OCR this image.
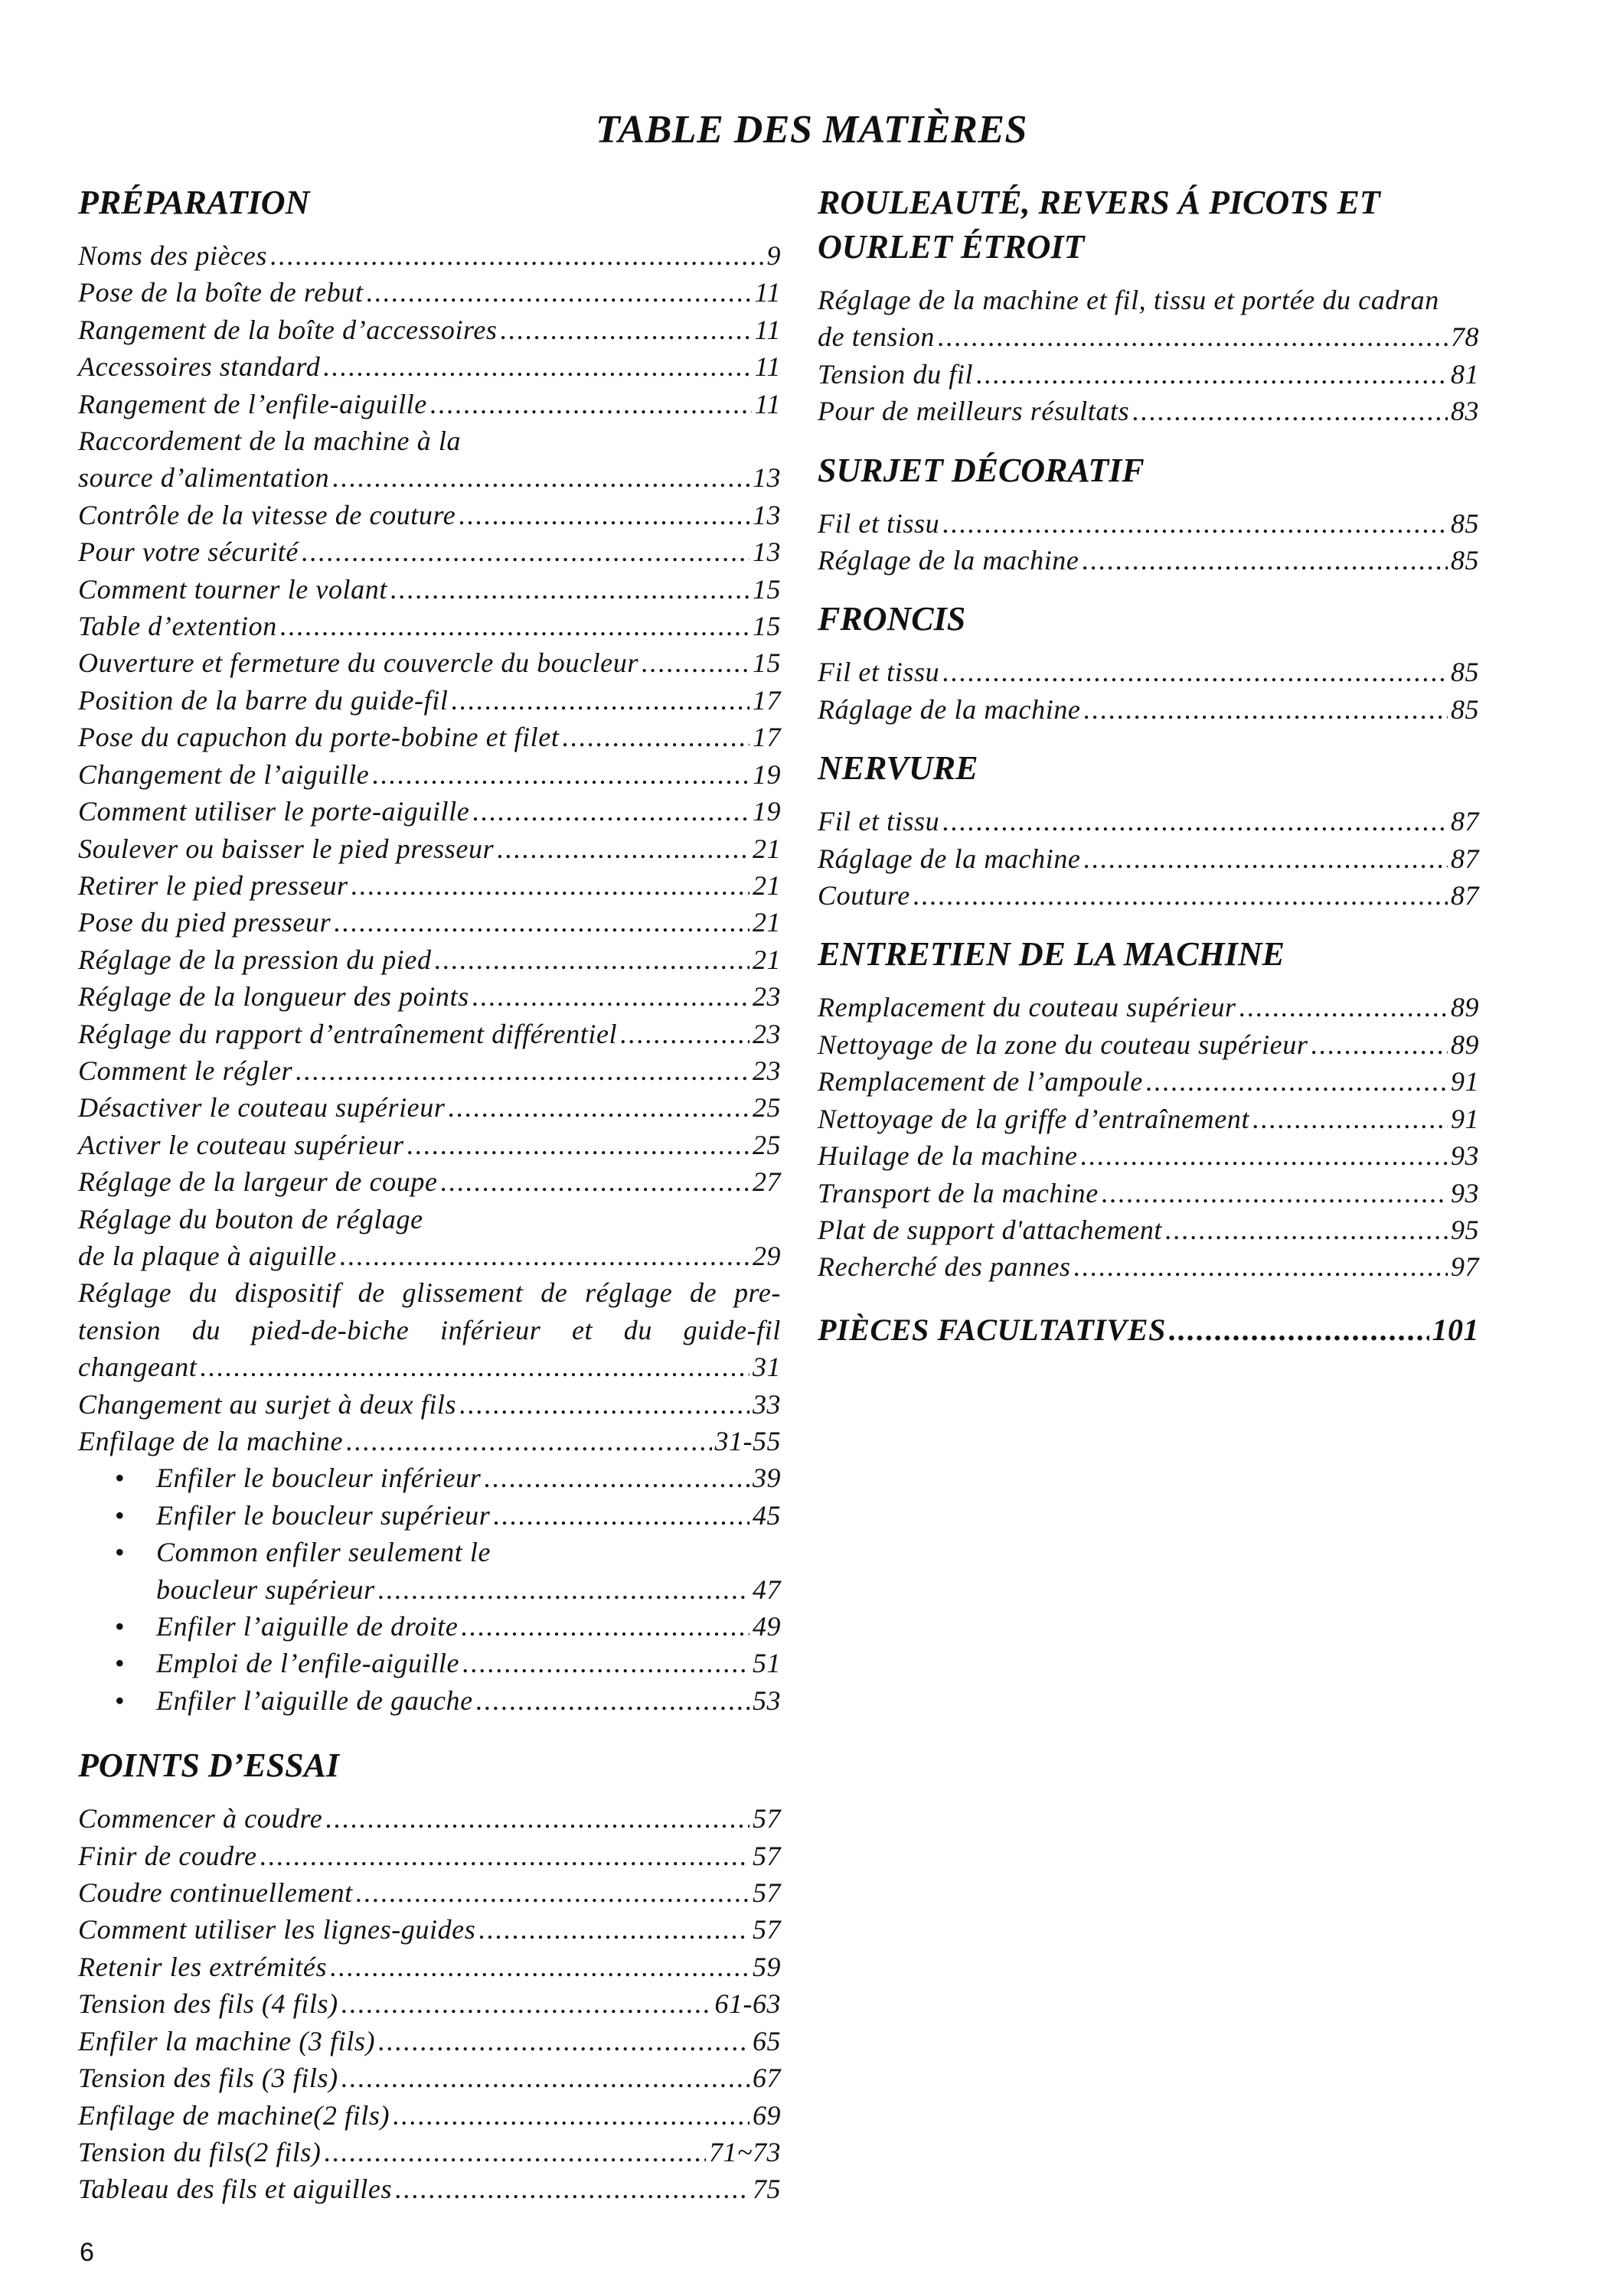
TABLE DES MATIÈRES
PRÉPARATION
Noms des pièces .....	9
Pose de la boîte de rebut .....	11
Rangement de la boîte d’accessoires .....	11
Accessoires standard .....	11
Rangement de l’enfile-aiguille .....	11
Raccordement de la machine à la
source d’alimentation .....	13
Contrôle de la vitesse de couture .....	13
Pour votre sécurité .....	13
Comment tourner le volant .....	15
Table d’extention .....	15
Ouverture et fermeture du couvercle du boucleur .....	15
Position de la barre du guide-fil .....	17
Pose du capuchon du porte-bobine et filet .....	17
Changement de l’aiguille .....	19
Comment utiliser le porte-aiguille .....	19
Soulever ou baisser le pied presseur .....	21
Retirer le pied presseur .....	21
Pose du pied presseur .....	21
Réglage de la pression du pied .....	21
Réglage de la longueur des points .....	23
Réglage du rapport d’entraînement différentiel .....	23
Comment le régler .....	23
Désactiver le couteau supérieur .....	25
Activer le couteau supérieur .....	25
Réglage de la largeur de coupe .....	27
Réglage du bouton de réglage
de la plaque à aiguille .....	29
Réglage du dispositif de glissement de réglage de pre-
tension du pied-de-biche inférieur et du guide-fil
changeant .....	31
Changement au surjet à deux fils .....	33
Enfilage de la machine .....	31-55
•	Enfiler le boucleur inférieur .....	39
•	Enfiler le boucleur supérieur .....	45
•	Common enfiler seulement le
boucleur supérieur .....	47
•	Enfiler l’aiguille de droite .....	49
•	Emploi de l’enfile-aiguille .....	51
•	Enfiler l’aiguille de gauche .....	53
POINTS D’ESSAI
Commencer à coudre .....	57
Finir de coudre .....	57
Coudre continuellement .....	57
Comment utiliser les lignes-guides .....	57
Retenir les extrémités .....	59
Tension des fils (4 fils) .....	61-63
Enfiler la machine (3 fils) .....	65
Tension des fils (3 fils) .....	67
Enfilage de machine(2 fils) .....	69
Tension du fils(2 fils) .....	71~73
Tableau des fils et aiguilles .....	75
ROULEAUTÉ, REVERS Á PICOTS ET
OURLET ÉTROIT
Réglage de la machine et fil, tissu et portée du cadran
de tension .....	78
Tension du fil .....	81
Pour de meilleurs résultats .....	83
SURJET DÉCORATIF
Fil et tissu .....	85
Réglage de la machine .....	85
FRONCIS
Fil et tissu .....	85
Ráglage de la machine .....	85
NERVURE
Fil et tissu .....	87
Ráglage de la machine .....	87
Couture .....	87
ENTRETIEN DE LA MACHINE
Remplacement du couteau supérieur .....	89
Nettoyage de la zone du couteau supérieur .....	89
Remplacement de l’ampoule .....	91
Nettoyage de la griffe d’entraînement .....	91
Huilage de la machine .....	93
Transport de la machine .....	93
Plat de support d'attachement .....	95
Recherché des pannes .....	97
PIÈCES FACULTATIVES .....	101
6
